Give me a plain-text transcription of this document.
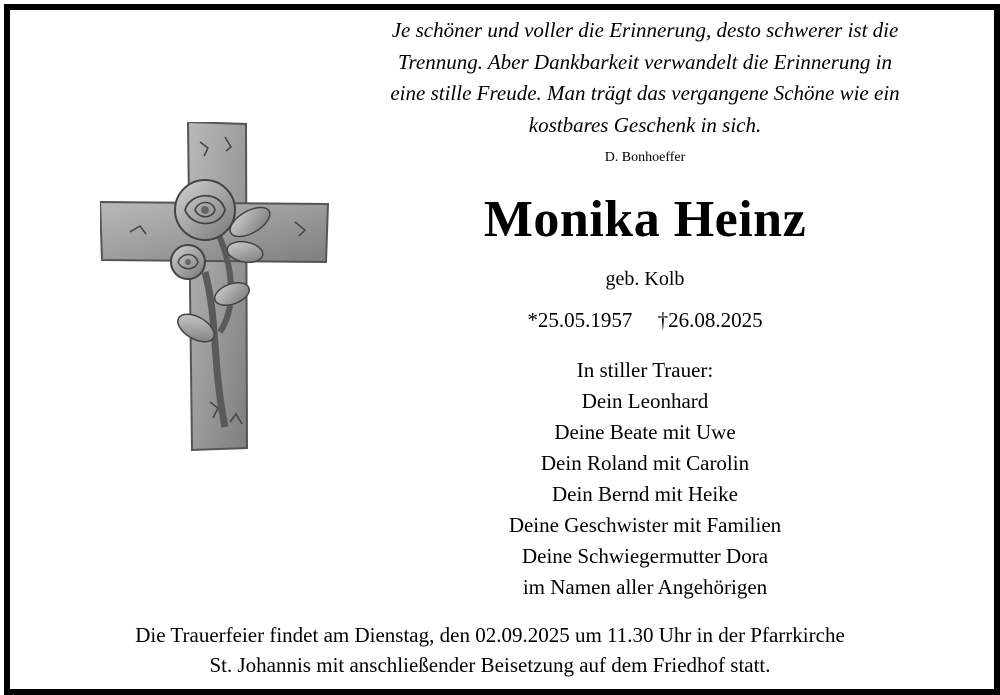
Je schöner und voller die Erinnerung, desto schwerer ist die
Trennung. Aber Dankbarkeit verwandelt die Erinnerung in
eine stille Freude. Man trägt das vergangene Schöne wie ein
kostbares Geschenk in sich.
D. Bonhoeffer
Monika Heinz
geb. Kolb
*25.05.1957 †26.08.2025
In stiller Trauer:
Dein Leonhard
Deine Beate mit Uwe
Dein Roland mit Carolin
Dein Bernd mit Heike
Deine Geschwister mit Familien
Deine Schwiegermutter Dora
im Namen aller Angehörigen
Die Trauerfeier findet am Dienstag, den 02.09.2025 um 11.30 Uhr in der Pfarrkirche
St. Johannis mit anschließender Beisetzung auf dem Friedhof statt.
